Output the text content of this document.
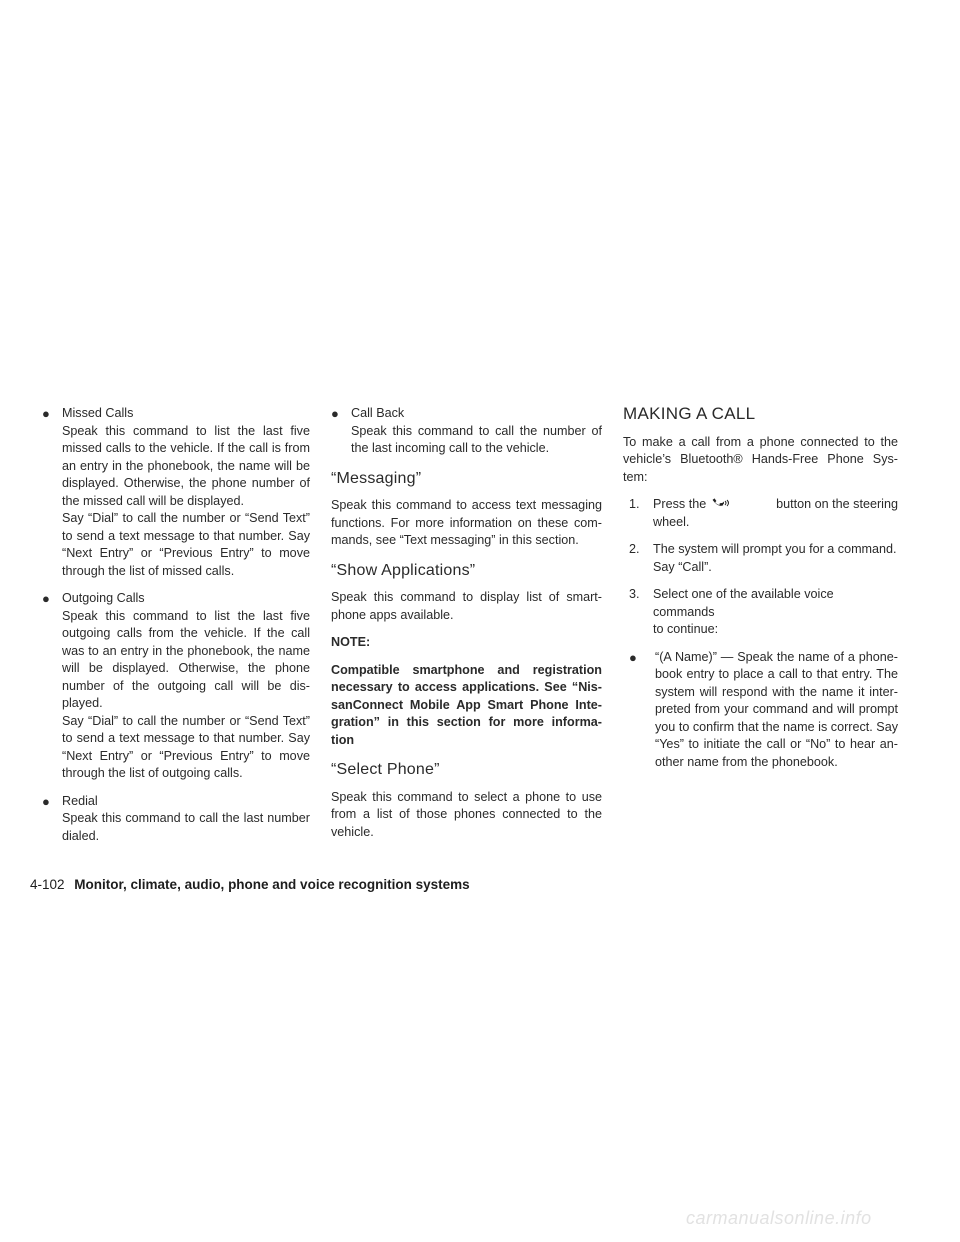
● Missed Calls
Speak this command to list the last five
missed calls to the vehicle. If the call is from
an entry in the phonebook, the name will be
displayed. Otherwise, the phone number of
the missed call will be displayed.
Say “Dial” to call the number or “Send Text”
to send a text message to that number. Say
“Next Entry” or “Previous Entry” to move
through the list of missed calls.
● Outgoing Calls
Speak this command to list the last five
outgoing calls from the vehicle. If the call
was to an entry in the phonebook, the name
will be displayed. Otherwise, the phone
number of the outgoing call will be dis-
played.
Say “Dial” to call the number or “Send Text”
to send a text message to that number. Say
“Next Entry” or “Previous Entry” to move
through the list of outgoing calls.
● Redial
Speak this command to call the last number
dialed.
● Call Back
Speak this command to call the number of
the last incoming call to the vehicle.
“Messaging”

Speak this command to access text messaging
functions. For more information on these com-
mands, see “Text messaging” in this section.

“Show Applications”

Speak this command to display list of smart-
phone apps available.

NOTE:

Compatible smartphone and registration
necessary to access applications. See “Nis-
sanConnect Mobile App Smart Phone Inte-
gration” in this section for more informa-
tion

“Select Phone”

Speak this command to select a phone to use
from a list of those phones connected to the
vehicle.

MAKING A CALL

To make a call from a phone connected to the
vehicle’s Bluetooth® Hands-Free Phone Sys-
tem:

1.	Press the	button on the steering
wheel.
2.	The system will prompt you for a command.
Say “Call”.
3.	Select one of the available voice commands
to continue:
●	“(A Name)” — Speak the name of a phone-
book entry to place a call to that entry. The
system will respond with the name it inter-
preted from your command and will prompt
you to confirm that the name is correct. Say
“Yes” to initiate the call or “No” to hear an-
other name from the phonebook.
4-102 Monitor, climate, audio, phone and voice recognition systems
carmanualsonline.info
